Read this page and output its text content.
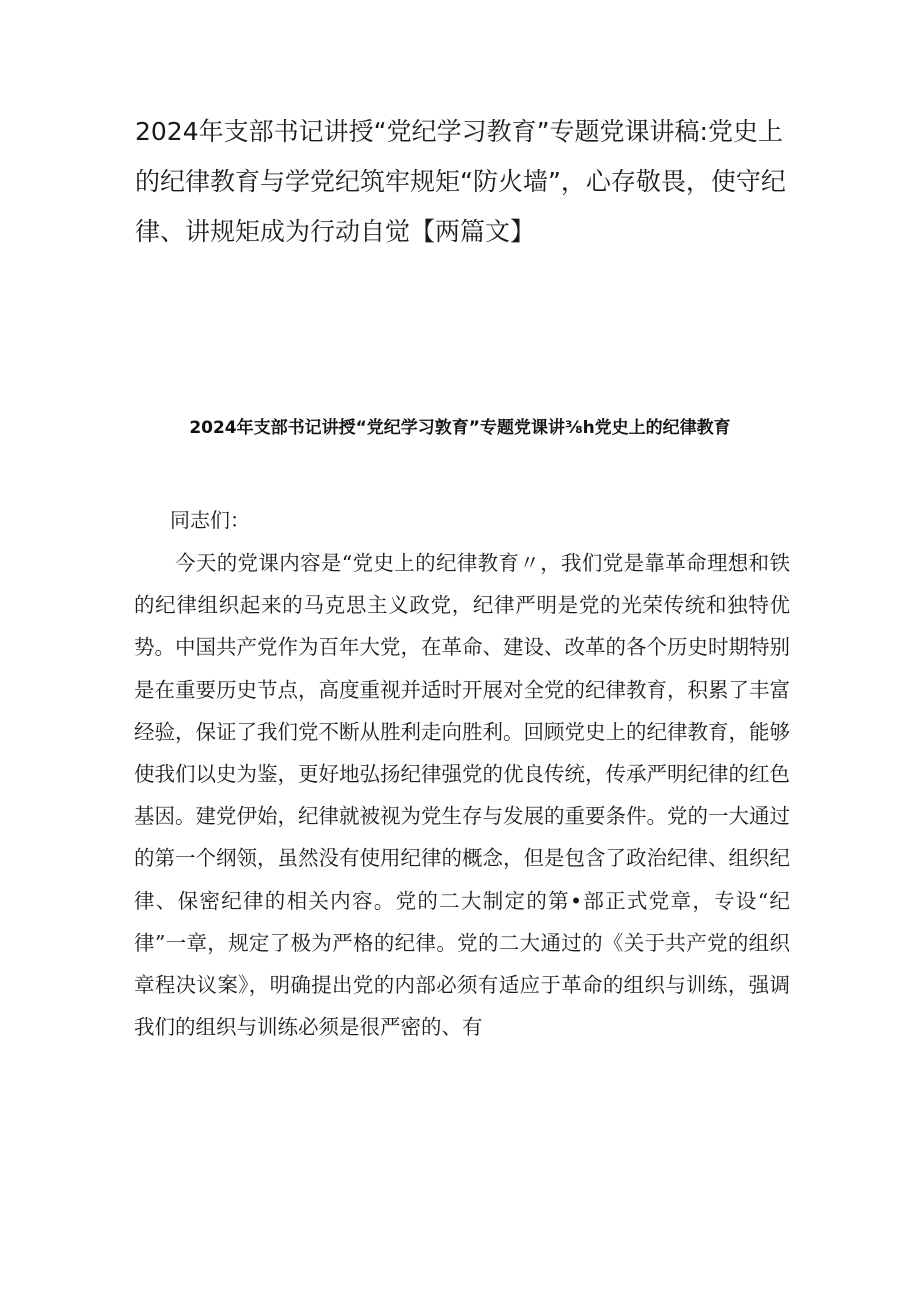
2024年支部书记讲授“党纪学习教育”专题党课讲稿:党史上的纪律教育与学党纪筑牢规矩“防火墙”，心存敬畏，使守纪律、讲规矩成为行动自觉【两篇文】
2024年支部书记讲授“党纪学习敦育”专题党课讲⅜h党史上的纪律教育

同志们：

今天的党课内容是“党史上的纪律教育〃，我们党是靠革命理想和铁的纪律组织起来的马克思主义政党，纪律严明是党的光荣传统和独特优势。中国共产党作为百年大党，在革命、建设、改革的各个历史时期特别是在重要历史节点，高度重视并适时开展对全党的纪律教育，积累了丰富经验，保证了我们党不断从胜利走向胜利。回顾党史上的纪律教育，能够使我们以史为鉴，更好地弘扬纪律强党的优良传统，传承严明纪律的红色基因。建党伊始，纪律就被视为党生存与发展的重要条件。党的一大通过的第一个纲领，虽然没有使用纪律的概念，但是包含了政治纪律、组织纪律、保密纪律的相关内容。党的二大制定的第•部正式党章，专设“纪律”一章，规定了极为严格的纪律。党的二大通过的《关于共产党的组织章程决议案》，明确提出党的内部必须有适应于革命的组织与训练，强调我们的组织与训练必须是很严密的、有
